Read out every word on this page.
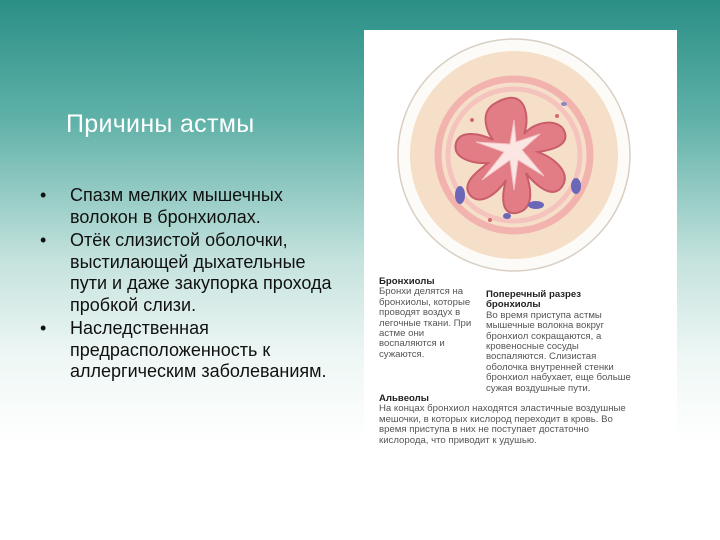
Причины астмы
• Спазм мелких мышечных волокон в бронхиолах.
• Отёк слизистой оболочки, выстилающей дыхательные пути и даже закупорка прохода пробкой слизи.
• Наследственная предрасположенность к аллергическим заболеваниям.
Бронхиолы
Бронхи делятся на бронхиолы, которые проводят воздух в легочные ткани. При астме они воспаляются и сужаются.
Поперечный разрез бронхиолы
Во время приступа астмы мышечные волокна вокруг бронхиол сокращаются, а кровеносные сосуды воспаляются. Слизистая оболочка внутренней стенки бронхиол набухает, еще больше сужая воздушные пути.
Альвеолы
На концах бронхиол находятся эластичные воздушные мешочки, в которых кислород переходит в кровь. Во время приступа в них не поступает достаточно кислорода, что приводит к удушью.
